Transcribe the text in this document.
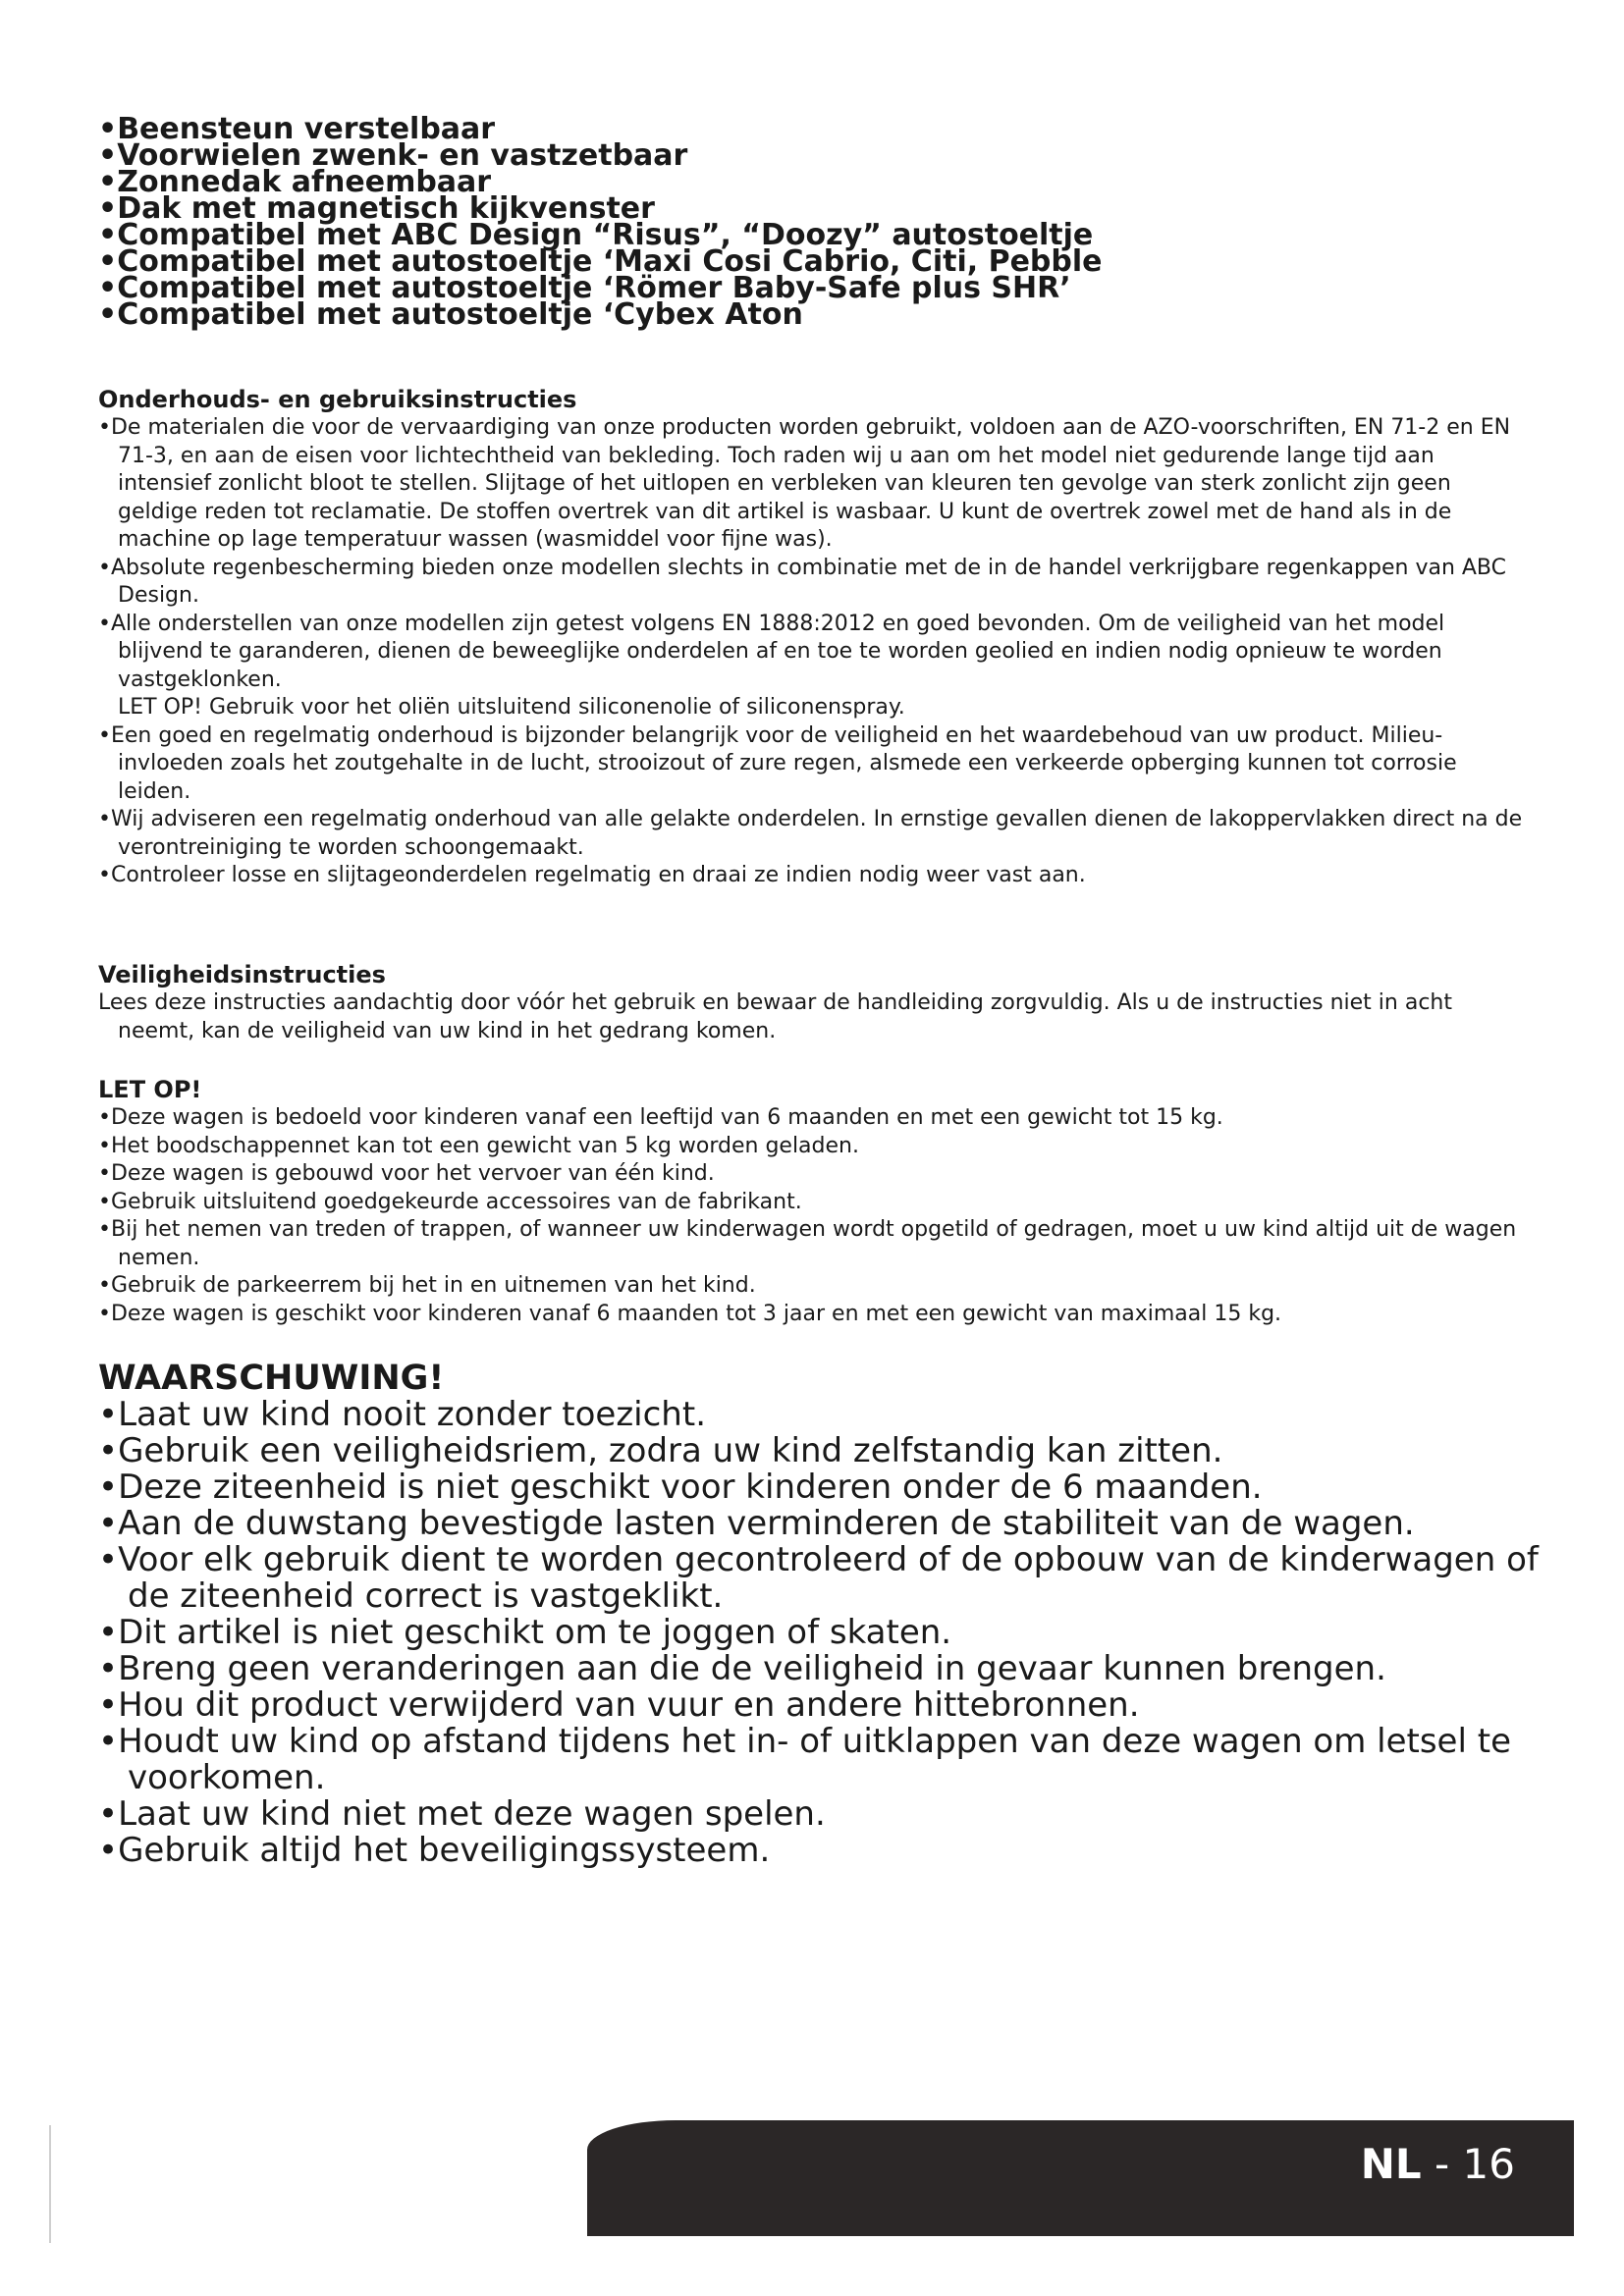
•Beensteun verstelbaar
•Voorwielen zwenk- en vastzetbaar
•Zonnedak afneembaar
•Dak met magnetisch kijkvenster
•Compatibel met ABC Design “Risus”, “Doozy” autostoeltje
•Compatibel met autostoeltje ‘Maxi Cosi Cabrio, Citi, Pebble
•Compatibel met autostoeltje ‘Römer Baby-Safe plus SHR’
•Compatibel met autostoeltje ‘Cybex Aton
Onderhouds- en gebruiksinstructies
•De materialen die voor de vervaardiging van onze producten worden gebruikt, voldoen aan de AZO-voorschriften, EN 71-2 en EN 71-3, en aan de eisen voor lichtechtheid van bekleding. Toch raden wij u aan om het model niet gedurende lange tijd aan intensief zonlicht bloot te stellen. Slijtage of het uitlopen en verbleken van kleuren ten gevolge van sterk zonlicht zijn geen geldige reden tot reclamatie. De stoffen overtrek van dit artikel is wasbaar. U kunt de overtrek zowel met de hand als in de machine op lage temperatuur wassen (wasmiddel voor fijne was).
•Absolute regenbescherming bieden onze modellen slechts in combinatie met de in de handel verkrijgbare regenkappen van ABC Design.
•Alle onderstellen van onze modellen zijn getest volgens EN 1888:2012 en goed bevonden. Om de veiligheid van het model blijvend te garanderen, dienen de beweeglijke onderdelen af en toe te worden geolied en indien nodig opnieuw te worden vastgeklonken.

LET OP! Gebruik voor het oliën uitsluitend siliconenolie of siliconenspray.

•Een goed en regelmatig onderhoud is bijzonder belangrijk voor de veiligheid en het waardebehoud van uw product. Milieu-invloeden zoals het zoutgehalte in de lucht, strooizout of zure regen, alsmede een verkeerde opberging kunnen tot corrosie leiden.
•Wij adviseren een regelmatig onderhoud van alle gelakte onderdelen. In ernstige gevallen dienen de lakoppervlakken direct na de verontreiniging te worden schoongemaakt.
•Controleer losse en slijtageonderdelen regelmatig en draai ze indien nodig weer vast aan.
Veiligheidsinstructies

Lees deze instructies aandachtig door vóór het gebruik en bewaar de handleiding zorgvuldig. Als u de instructies niet in acht neemt, kan de veiligheid van uw kind in het gedrang komen.

LET OP!
•Deze wagen is bedoeld voor kinderen vanaf een leeftijd van 6 maanden en met een gewicht tot 15 kg.
•Het boodschappennet kan tot een gewicht van 5 kg worden geladen.
•Deze wagen is gebouwd voor het vervoer van één kind.
•Gebruik uitsluitend goedgekeurde accessoires van de fabrikant.
•Bij het nemen van treden of trappen, of wanneer uw kinderwagen wordt opgetild of gedragen, moet u uw kind altijd uit de wagen nemen.
•Gebruik de parkeerrem bij het in en uitnemen van het kind.
•Deze wagen is geschikt voor kinderen vanaf 6 maanden tot 3 jaar en met een gewicht van maximaal 15 kg.
WAARSCHUWING!
•Laat uw kind nooit zonder toezicht.
•Gebruik een veiligheidsriem, zodra uw kind zelfstandig kan zitten.
•Deze ziteenheid is niet geschikt voor kinderen onder de 6 maanden.
•Aan de duwstang bevestigde lasten verminderen de stabiliteit van de wagen.
•Voor elk gebruik dient te worden gecontroleerd of de opbouw van de kinderwagen of de ziteenheid correct is vastgeklikt.
•Dit artikel is niet geschikt om te joggen of skaten.
•Breng geen veranderingen aan die de veiligheid in gevaar kunnen brengen.
•Hou dit product verwijderd van vuur en andere hittebronnen.
•Houdt uw kind op afstand tijdens het in- of uitklappen van deze wagen om letsel te voorkomen.
•Laat uw kind niet met deze wagen spelen.
•Gebruik altijd het beveiligingssysteem.
NL - 16
